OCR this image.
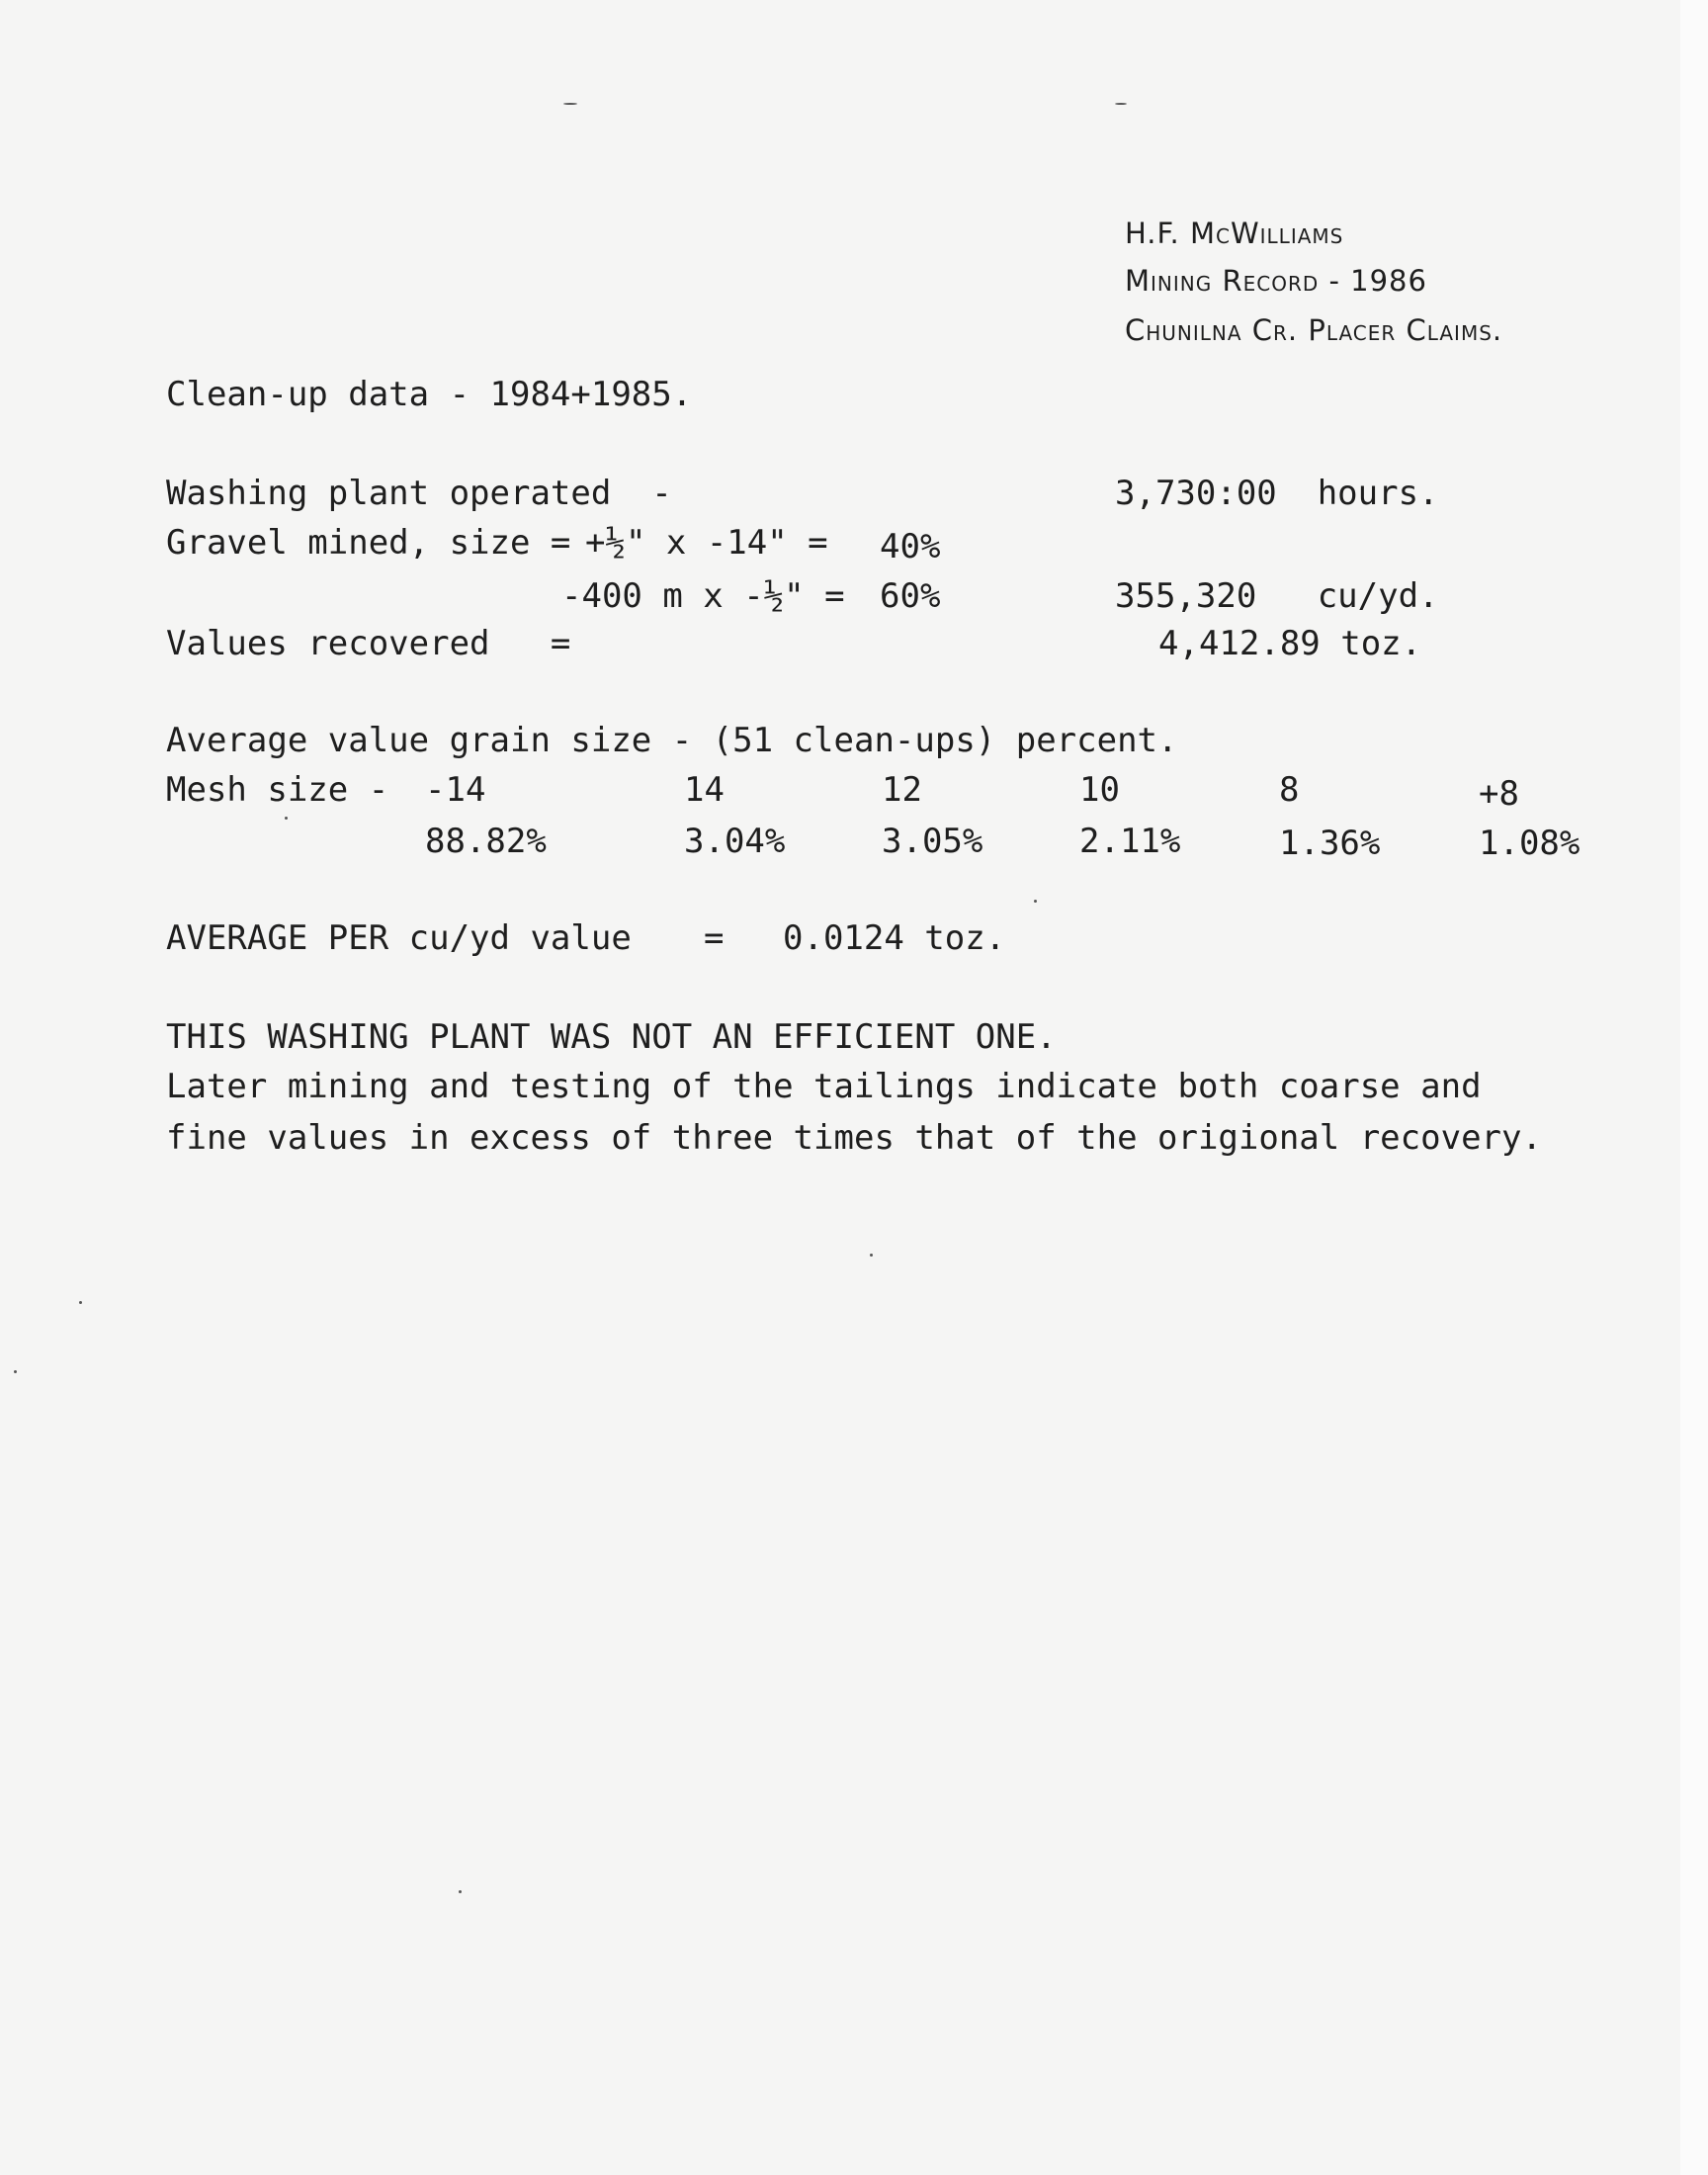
H.F. McWilliams
Mining Record - 1986
Chunilna Cr. Placer Claims.
Clean-up data - 1984+1985.
Washing plant operated  -	3,730:00  hours.
Gravel mined, size = +½" x -14" = 40%
-400 m x -½" = 60%	355,320   cu/yd.
Values recovered   =	4,412.89 toz.
Average value grain size - (51 clean-ups) percent.
Mesh size - -14	14	12	10	8	+8
88.82%	3.04%	3.05%	2.11%	1.36%	1.08%
AVERAGE PER cu/yd value = 0.0124 toz.
THIS WASHING PLANT WAS NOT AN EFFICIENT ONE.
Later mining and testing of the tailings indicate both coarse and
fine values in excess of three times that of the origional recovery.
